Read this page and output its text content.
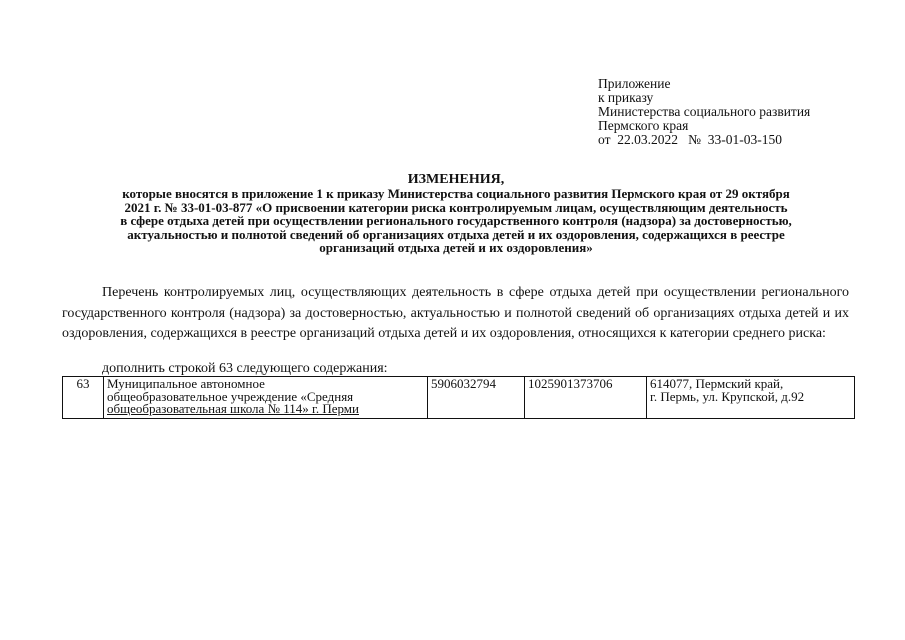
Приложение
к приказу
Министерства социального развития
Пермского края
от  22.03.2022   №  33-01-03-150
ИЗМЕНЕНИЯ,
которые вносятся в приложение 1 к приказу Министерства социального развития Пермского края от 29 октября
2021 г. № 33-01-03-877 «О присвоении категории риска контролируемым лицам, осуществляющим деятельность
в сфере отдыха детей при осуществлении регионального государственного контроля (надзора) за достоверностью,
актуальностью и полнотой сведений об организациях отдыха детей и их оздоровления, содержащихся в реестре
организаций отдыха детей и их оздоровления»

Перечень контролируемых лиц, осуществляющих деятельность в сфере отдыха детей при осуществлении регионального государственного контроля (надзора) за достоверностью, актуальностью и полнотой сведений об организациях отдыха детей и их оздоровления, содержащихся в реестре организаций отдыха детей и их оздоровления, относящихся к категории среднего риска:

дополнить строкой 63 следующего содержания:
63	Муниципальное автономное
общеобразовательное учреждение «Средняя
общеобразовательная школа № 114» г. Перми
	5906032794	1025901373706	614077, Пермский край,
г. Пермь, ул. Крупской, д.92
